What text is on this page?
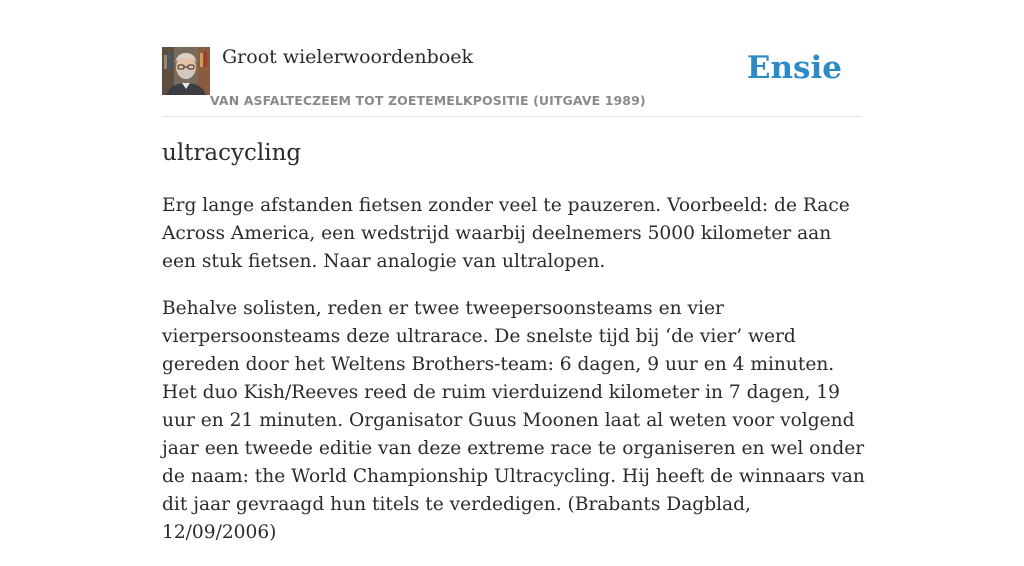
Groot wielerwoordenboek
VAN ASFALTECZEEM TOT ZOETEMELKPOSITIE (UITGAVE 1989)
Ensie
ultracycling

Erg lange afstanden fietsen zonder veel te pauzeren. Voorbeeld: de Race Across America, een wedstrijd waarbij deelnemers 5000 kilometer aan een stuk fietsen. Naar analogie van ultralopen.

Behalve solisten, reden er twee tweepersoonsteams en vier vierpersoonsteams deze ultrarace. De snelste tijd bij ‘de vier’ werd gereden door het Weltens Brothers-team: 6 dagen, 9 uur en 4 minuten. Het duo Kish/Reeves reed de ruim vierduizend kilometer in 7 dagen, 19 uur en 21 minuten. Organisator Guus Moonen laat al weten voor volgend jaar een tweede editie van deze extreme race te organiseren en wel onder de naam: the World Championship Ultracycling. Hij heeft de winnaars van dit jaar gevraagd hun titels te verdedigen. (Brabants Dagblad, 12/09/2006)
